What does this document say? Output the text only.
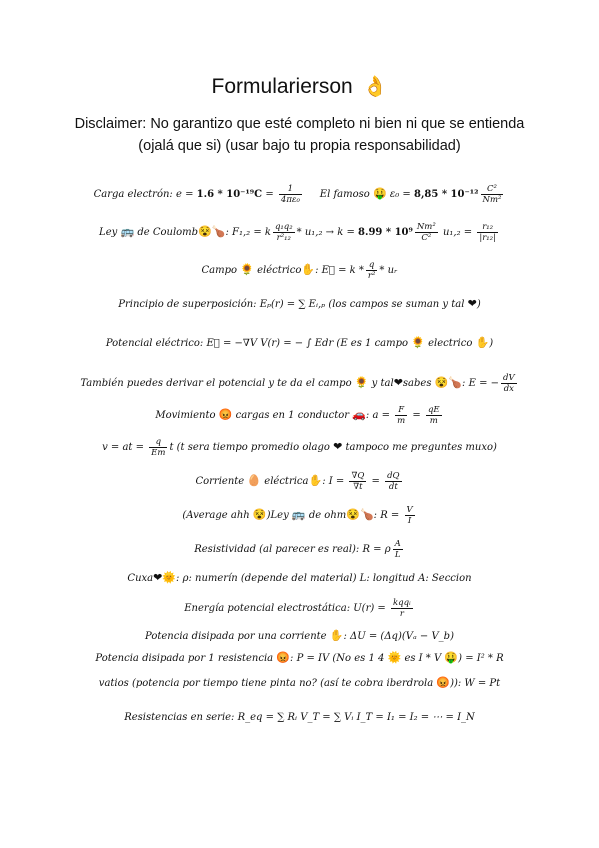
Formularierson 👌
Disclaimer: No garantizo que esté completo ni bien ni que se entienda (ojalá que si) (usar bajo tu propia responsabilidad)
Carga electrón: $e = 1.6 * 10^{-19}C = \frac{1}{\text{4πε₀}}$ El famoso 🤑 $\varepsilon_0 = 8,85 * 10^{-12} \frac{\text{C²}}{\text{Nm²}}$
Ley 🚌 de Coulomb😵🍗: F₁,₂ = k $\frac{\text{q₁q₂}}{\text{r²₁₂}} * u_1,_2 \to k = 8.99 * 10^9 \frac{\text{Nm²}}{\text{C²}} u_1,_2 = \frac{\text{r₁₂}}{\text{|r₁₂|}}$
Campo 🌻 eléctrico✋: E⃗ = k * $\frac{q}{\text{r²}}$ * uᵣ
Principio de superposición: Eₚ(r) = ∑ Eᵢ,ₚ (los campos se suman y tal ❤)
Potencial eléctrico: E⃗ = −∇V V(r) = − ∫ Edr (E es 1 campo 🌻 electrico ✋)
También puedes derivar el potencial y te da el campo 🌻 y tal❤sabes 😵🍗: E = − $\frac{dV}{dx}$
Movimiento 😡 cargas en 1 conductor 🚗: $a = \frac{F}{m} = \frac{qE}{m}$
v = at = $\frac{q}{Em}$ t (t sera tiempo promedio olago ❤ tampoco me preguntes muxo)
Corriente 🥚 eléctrica✋: $I = \frac{\nabla Q}{\nabla t} = \frac{dQ}{dt}$
(Average ahh 😵)Ley 🚌 de ohm😵🍗: $R = \frac{V}{I}$
Resistividad (al parecer es real): R = ρ $\frac{A}{L}$
Cuxa❤🌞: ρ: numerín (depende del material) L: longitud A: Seccion
Energía potencial electrostática: $U(r) = \frac{\text{kqqᵢ}}{r}$
Potencia disipada por una corriente ✋: ΔU = (Δq)(Vₐ − V_b)
Potencia disipada por 1 resistencia 😡: P = IV (No es 1 4 🌞 es I * V 🤑) = I² * R
vatios (potencia por tiempo tiene pinta no? (así te cobra iberdrola 😡)): W = Pt
Resistencias en serie: R_eq = ∑ Rᵢ V_T = ∑ Vᵢ I_T = I₁ = I₂ = ⋯ = I_N
